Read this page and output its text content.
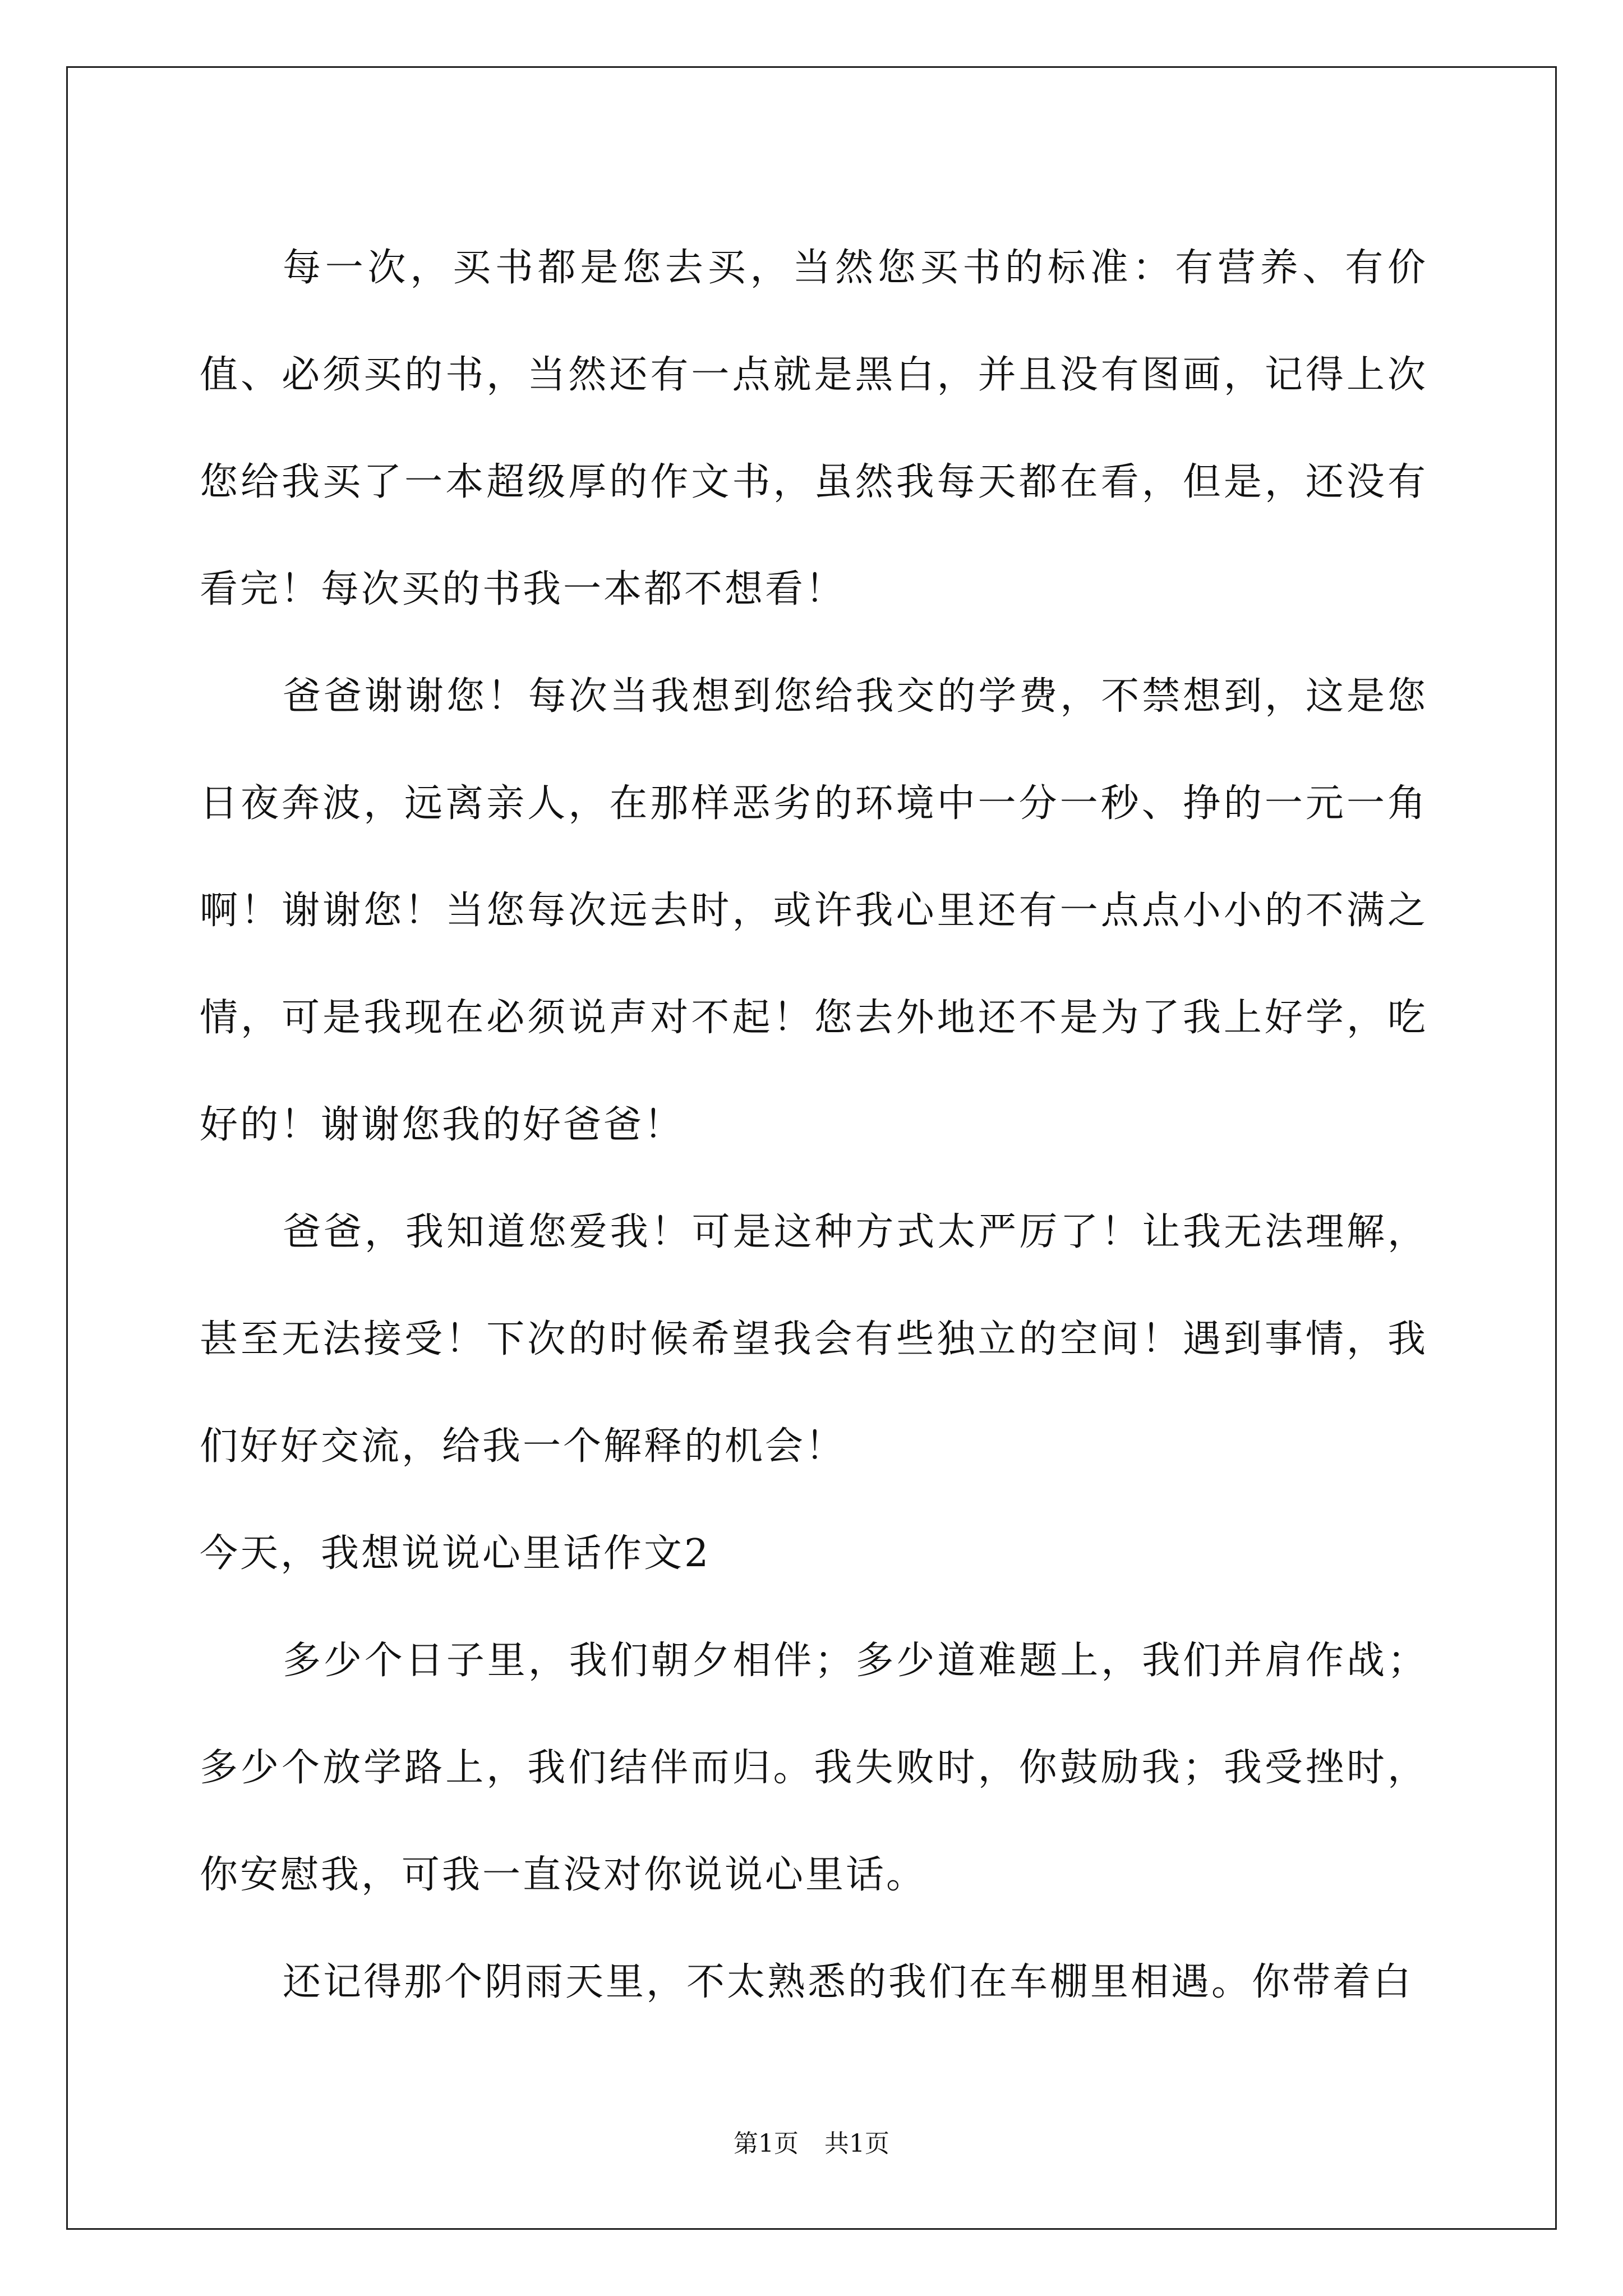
每一次，买书都是您去买，当然您买书的标准：有营养、有价值、必须买的书，当然还有一点就是黑白，并且没有图画，记得上次您给我买了一本超级厚的作文书，虽然我每天都在看，但是，还没有看完！每次买的书我一本都不想看！

爸爸谢谢您！每次当我想到您给我交的学费，不禁想到，这是您日夜奔波，远离亲人，在那样恶劣的环境中一分一秒、挣的一元一角啊！谢谢您！当您每次远去时，或许我心里还有一点点小小的不满之情，可是我现在必须说声对不起！您去外地还不是为了我上好学，吃好的！谢谢您我的好爸爸！

爸爸，我知道您爱我！可是这种方式太严厉了！让我无法理解，甚至无法接受！下次的时候希望我会有些独立的空间！遇到事情，我们好好交流，给我一个解释的机会！

今天，我想说说心里话作文2

多少个日子里，我们朝夕相伴；多少道难题上，我们并肩作战；多少个放学路上，我们结伴而归。我失败时，你鼓励我；我受挫时，你安慰我，可我一直没对你说说心里话。

还记得那个阴雨天里，不太熟悉的我们在车棚里相遇。你带着白

第1页 共1页
